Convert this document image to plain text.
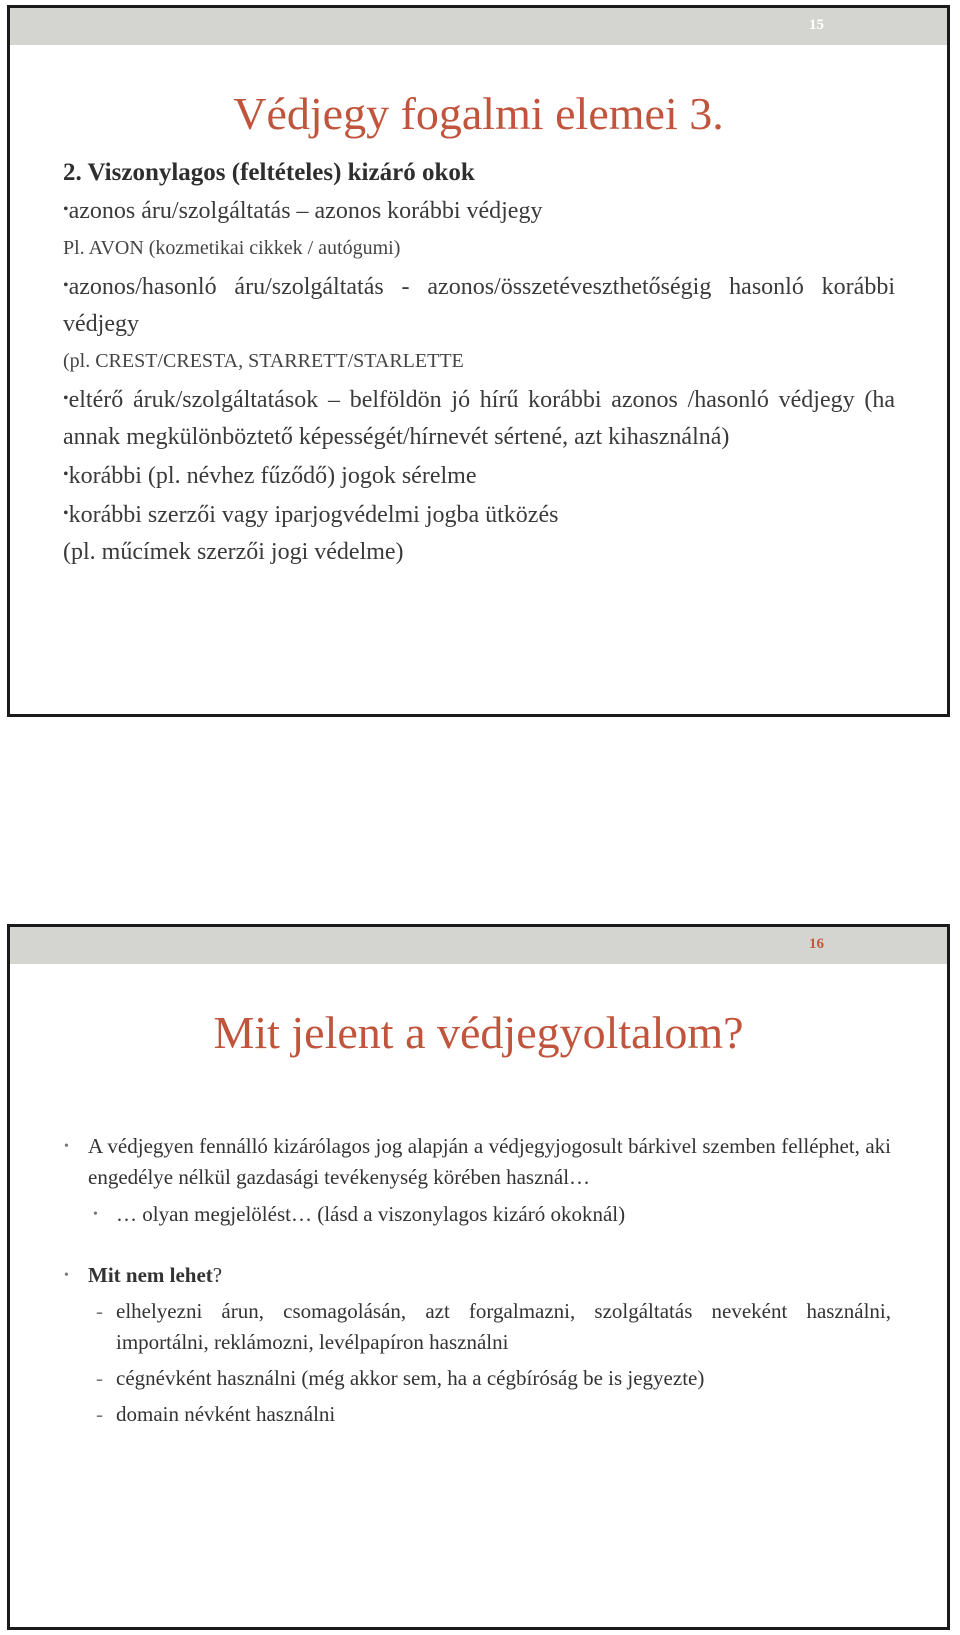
15
Védjegy fogalmi elemei 3.
2. Viszonylagos (feltételes) kizáró okok
•azonos áru/szolgáltatás – azonos korábbi védjegy
Pl. AVON (kozmetikai cikkek / autógumi)
•azonos/hasonló áru/szolgáltatás - azonos/összetéveszthetőségig hasonló korábbi védjegy
(pl. CREST/CRESTA, STARRETT/STARLETTE
•eltérő áruk/szolgáltatások – belföldön jó hírű korábbi azonos /hasonló védjegy (ha annak megkülönböztető képességét/hírnevét sértené, azt kihasználná)
•korábbi (pl. névhez fűződő) jogok sérelme
•korábbi szerzői vagy iparjogvédelmi jogba ütközés
(pl. műcímek szerzői jogi védelme)
16
Mit jelent a védjegyoltalom?
• A védjegyen fennálló kizárólagos jog alapján a védjegyjogosult bárkivel szemben felléphet, aki engedélye nélkül gazdasági tevékenység körében használ…
• … olyan megjelölést… (lásd a viszonylagos kizáró okoknál)
• Mit nem lehet?
- elhelyezni árun, csomagolásán, azt forgalmazni, szolgáltatás neveként használni, importálni, reklámozni, levélpapíron használni
- cégnévként használni (még akkor sem, ha a cégbíróság be is jegyezte)
- domain névként használni
